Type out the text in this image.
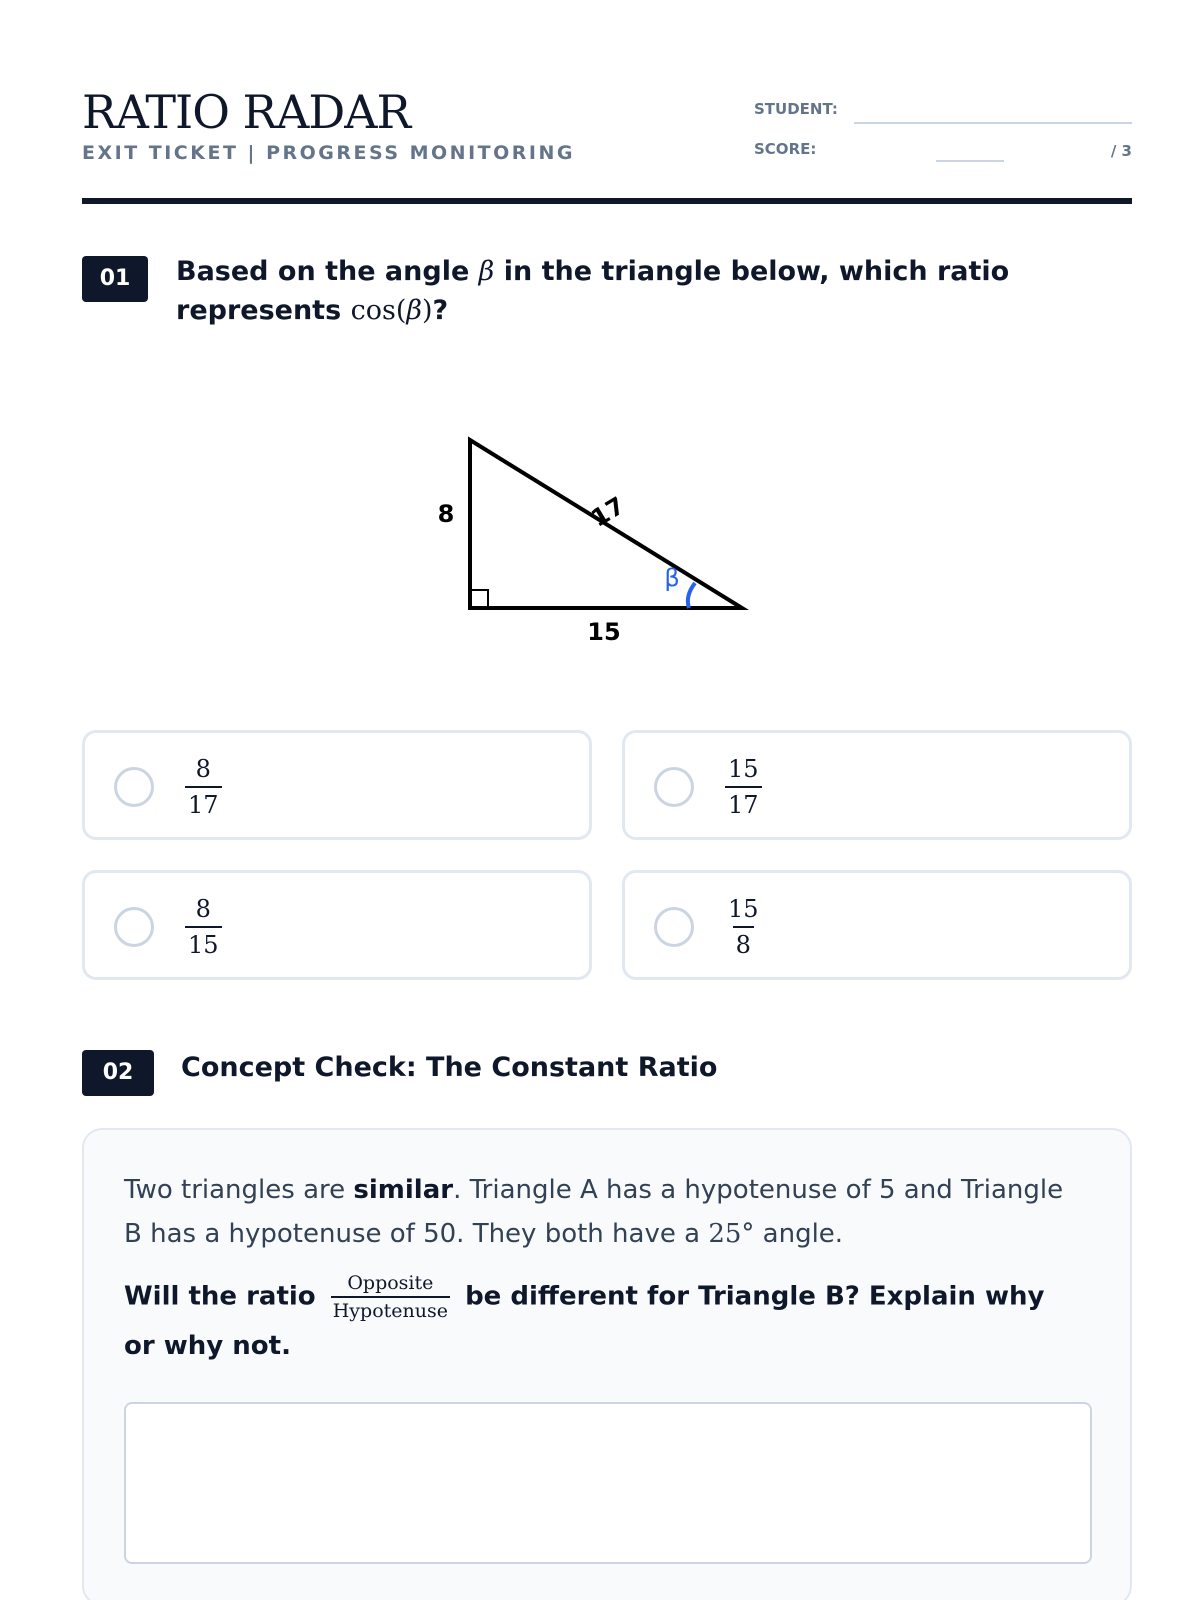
RATIO RADAR
EXIT TICKET | PROGRESS MONITORING
STUDENT:
SCORE:	/ 3
01	Based on the angle β in the triangle below, which ratio represents cos(β)?
8	17
15
β
$\frac{8}{17}$	$\frac{15}{17}$
$\frac{8}{15}$	$\frac{15}{8}$
02	Concept Check: The Constant Ratio
Two triangles are similar. Triangle A has a hypotenuse of 5 and Triangle B has a hypotenuse of 50. They both have a 25° angle.
Will the ratio $\frac{\text{Opposite}}{\text{Hypotenuse}}$ be different for Triangle B? Explain why or why not.
